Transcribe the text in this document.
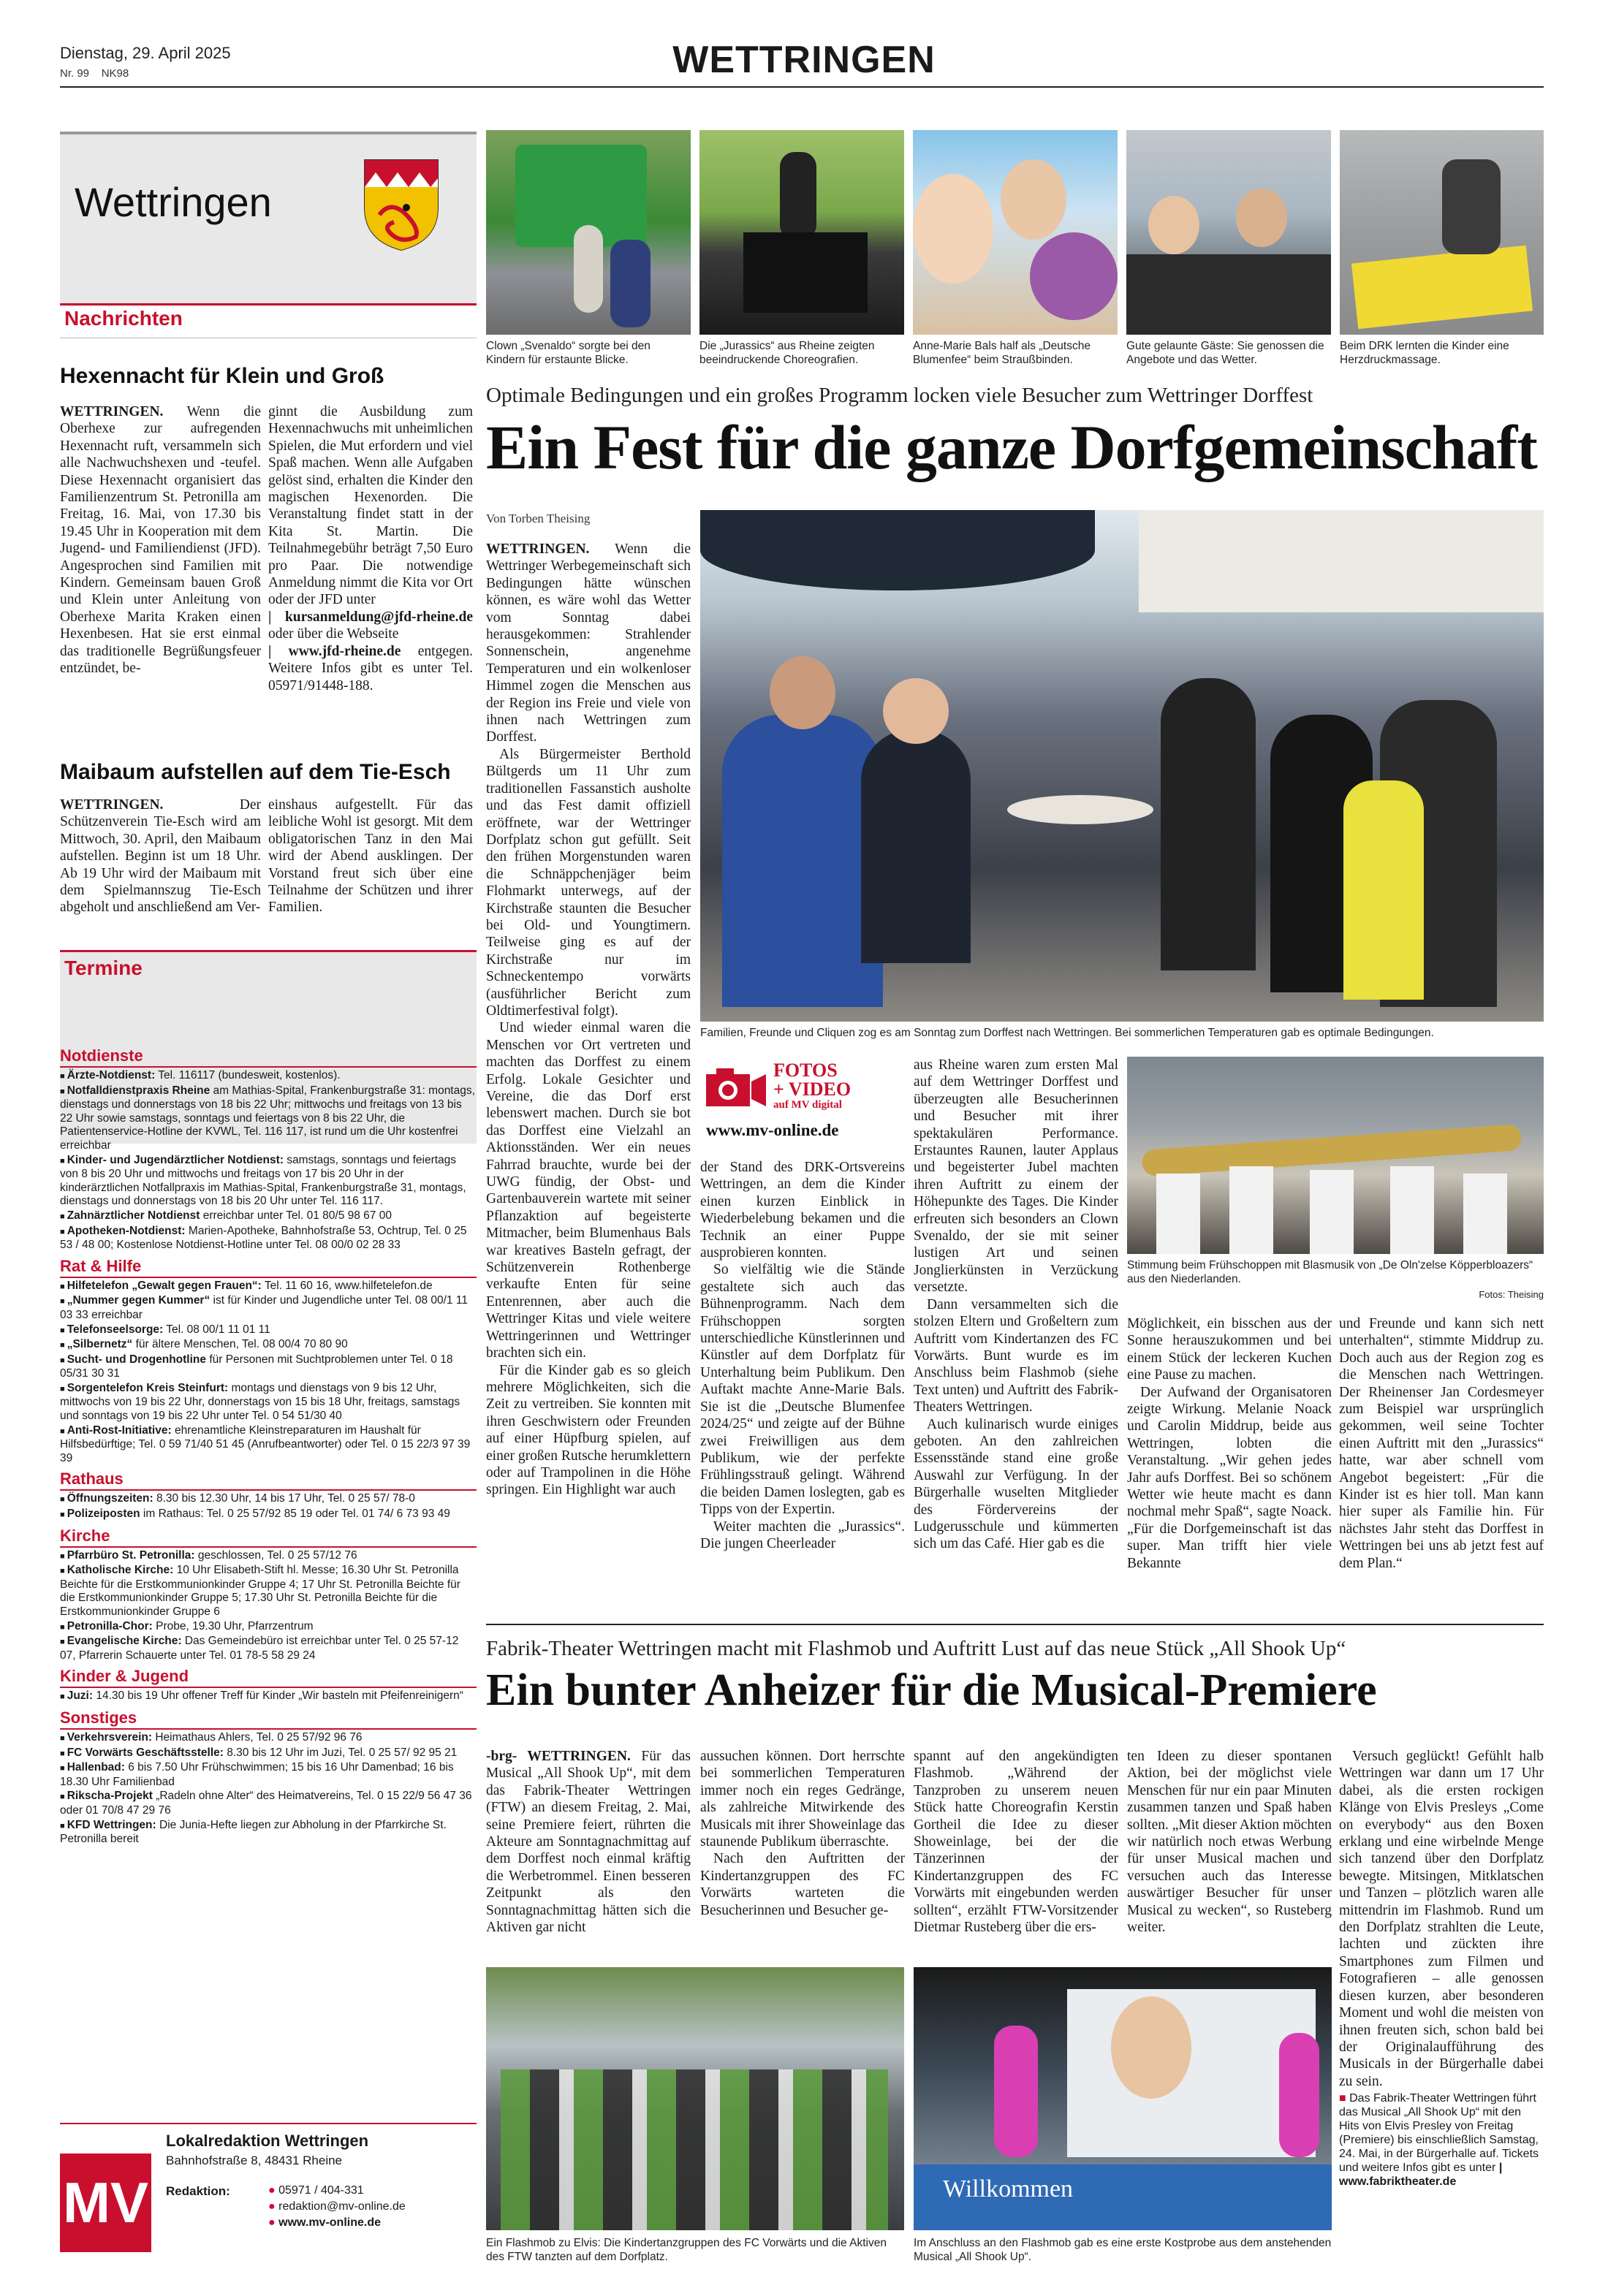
Dienstag, 29. April 2025
Nr. 99 NK98	WETTRINGEN
Wettringen
Nachrichten
Hexennacht für Klein und Groß

WETTRINGEN. Wenn die Oberhexe zur aufregenden Hexennacht ruft, versammeln sich alle Nachwuchshexen und -teufel. Diese Hexennacht organisiert das Familienzentrum St. Petronilla am Freitag, 16. Mai, von 17.30 bis 19.45 Uhr in Kooperation mit dem Jugend- und Familiendienst (JFD). Angesprochen sind Familien mit Kindern. Gemeinsam bauen Groß und Klein unter Anleitung von Oberhexe Marita Kraken einen Hexenbesen. Hat sie erst einmal das traditionelle Begrüßungsfeuer entzündet, be-

ginnt die Ausbildung zum Hexennachwuchs mit unheimlichen Spielen, die Mut erfordern und viel Spaß machen. Wenn alle Aufgaben gelöst sind, erhalten die Kinder den magischen Hexenorden. Die Veranstaltung findet statt in der Kita St. Martin. Die Teilnahmegebühr beträgt 7,50 Euro pro Paar. Die notwendige Anmeldung nimmt die Kita vor Ort oder der JFD unter

| kursanmeldung@jfd-rheine.de oder über die Webseite

| www.jfd-rheine.de entgegen. Weitere Infos gibt es unter Tel. 05971/91448-188.

Maibaum aufstellen auf dem Tie-Esch

WETTRINGEN.	Der Schützenverein Tie-Esch wird am Mittwoch, 30. April, den Maibaum aufstellen. Beginn ist um 18 Uhr. Ab 19 Uhr wird der Maibaum mit dem Spielmannszug Tie-Esch abgeholt und anschließend am Ver-

einshaus aufgestellt. Für das leibliche Wohl ist gesorgt. Mit dem obligatorischen Tanz in den Mai wird der Abend ausklingen. Der Vorstand freut sich über eine Teilnahme der Schützen und ihrer Familien.

Termine
Notdienste
■ Ärzte-Notdienst: Tel. 116117 (bundesweit, kostenlos).
■ Notfalldienstpraxis Rheine am Mathias-Spital, Frankenburgstraße 31: montags, dienstags und donnerstags von 18 bis 22 Uhr; mittwochs und freitags von 13 bis 22 Uhr sowie samstags, sonntags und feiertags von 8 bis 22 Uhr, die Patientenservice-Hotline der KVWL, Tel. 116 117, ist rund um die Uhr kostenfrei erreichbar
■ Kinder- und Jugendärztlicher Notdienst: samstags, sonntags und feiertags von 8 bis 20 Uhr und mittwochs und freitags von 17 bis 20 Uhr in der kinderärztlichen Notfallpraxis im Mathias-Spital, Frankenburgstraße 31, montags, dienstags und donnerstags von 18 bis 20 Uhr unter Tel. 116 117.
■ Zahnärztlicher Notdienst erreichbar unter Tel. 01 80/5 98 67 00
■ Apotheken-Notdienst: Marien-Apotheke, Bahnhofstraße 53, Ochtrup, Tel. 0 25 53 / 48 00; Kostenlose Notdienst-Hotline unter Tel. 08 00/0 02 28 33
Rat & Hilfe
■ Hilfetelefon „Gewalt gegen Frauen“: Tel. 11 60 16, www.hilfetelefon.de
■ „Nummer gegen Kummer“ ist für Kinder und Jugendliche unter Tel. 08 00/1 11 03 33 erreichbar
■ Telefonseelsorge: Tel. 08 00/1 11 01 11
■ „Silbernetz“ für ältere Menschen, Tel. 08 00/4 70 80 90
■ Sucht- und Drogenhotline für Personen mit Suchtproblemen unter Tel. 0 18 05/31 30 31
■ Sorgentelefon Kreis Steinfurt: montags und dienstags von 9 bis 12 Uhr, mittwochs von 19 bis 22 Uhr, donnerstags von 15 bis 18 Uhr, freitags, samstags und sonntags von 19 bis 22 Uhr unter Tel. 0 54 51/30 40
■ Anti-Rost-Initiative: ehrenamtliche Kleinstreparaturen im Haushalt für Hilfsbedürftige; Tel. 0 59 71/40 51 45 (Anrufbeantworter) oder Tel. 0 15 22/3 97 39 39
Rathaus
■ Öffnungszeiten: 8.30 bis 12.30 Uhr, 14 bis 17 Uhr, Tel. 0 25 57/ 78-0
■ Polizeiposten im Rathaus: Tel. 0 25 57/92 85 19 oder Tel. 01 74/ 6 73 93 49
Kirche
■ Pfarrbüro St. Petronilla: geschlossen, Tel. 0 25 57/12 76
■ Katholische Kirche: 10 Uhr Elisabeth-Stift hl. Messe; 16.30 Uhr St. Petronilla Beichte für die Erstkommunionkinder Gruppe 4; 17 Uhr St. Petronilla Beichte für die Erstkommunionkinder Gruppe 5; 17.30 Uhr St. Petronilla Beichte für die Erstkommunionkinder Gruppe 6
■ Petronilla-Chor: Probe, 19.30 Uhr, Pfarrzentrum
■ Evangelische Kirche: Das Gemeindebüro ist erreichbar unter Tel. 0 25 57-12 07, Pfarrerin Schauerte unter Tel. 01 78-5 58 29 24
Kinder & Jugend
■ Juzi: 14.30 bis 19 Uhr offener Treff für Kinder „Wir basteln mit Pfeifenreinigern“
Sonstiges
■ Verkehrsverein: Heimathaus Ahlers, Tel. 0 25 57/92 96 76
■ FC Vorwärts Geschäftsstelle: 8.30 bis 12 Uhr im Juzi, Tel. 0 25 57/ 92 95 21
■ Hallenbad: 6 bis 7.50 Uhr Frühschwimmen; 15 bis 16 Uhr Damenbad; 16 bis 18.30 Uhr Familienbad
■ Rikscha-Projekt „Radeln ohne Alter“ des Heimatvereins, Tel. 0 15 22/9 56 47 36 oder 01 70/8 47 29 76
■ KFD Wettringen: Die Junia-Hefte liegen zur Abholung in der Pfarrkirche St. Petronilla bereit
MV
Lokalredaktion Wettringen
Bahnhofstraße 8, 48431 Rheine
Redaktion:	● 05971 / 404-331
● redaktion@mv-online.de
● www.mv-online.de
Clown „Svenaldo“ sorgte bei den Kindern für erstaunte Blicke.
Die „Jurassics“ aus Rheine zeigten beeindruckende Choreografien.
Anne-Marie Bals half als „Deutsche Blumenfee“ beim Straußbinden.
Gute gelaunte Gäste: Sie genossen die Angebote und das Wetter.
Beim DRK lernten die Kinder eine Herzdruckmassage.
Optimale Bedingungen und ein großes Programm locken viele Besucher zum Wettringer Dorffest
Ein Fest für die ganze Dorfgemeinschaft
Von Torben Theising

WETTRINGEN. Wenn die Wettringer Werbegemeinschaft sich Bedingungen hätte wünschen können, es wäre wohl das Wetter vom Sonntag dabei herausgekommen: Strahlender Sonnenschein, angenehme Temperaturen und ein wolkenloser Himmel zogen die Menschen aus der Region ins Freie und viele von ihnen nach Wettringen zum Dorffest.

Als Bürgermeister Berthold Bültgerds um 11 Uhr zum traditionellen Fassanstich ausholte und das Fest damit offiziell eröffnete, war der Wettringer Dorfplatz schon gut gefüllt. Seit den frühen Morgenstunden waren die Schnäppchenjäger beim Flohmarkt unterwegs, auf der Kirchstraße staunten die Besucher bei Old- und Youngtimern. Teilweise ging es auf der Kirchstraße nur im Schneckentempo vorwärts (ausführlicher Bericht zum Oldtimerfestival folgt).

Und wieder einmal waren die Menschen vor Ort vertreten und machten das Dorffest zu einem Erfolg. Lokale Gesichter und Vereine, die das Dorf erst lebenswert machen. Durch sie bot das Dorffest eine Vielzahl an Aktionsständen. Wer ein neues Fahrrad brauchte, wurde bei der UWG fündig, der Obst- und Gartenbauverein wartete mit seiner Pflanzaktion auf begeisterte Mitmacher, beim Blumenhaus Bals war kreatives Basteln gefragt, der Schützenverein Rothenberge verkaufte Enten für seine Entenrennen, aber auch die Wettringer Kitas und viele weitere Wettringerinnen und Wettringer brachten sich ein.

Für die Kinder gab es so gleich mehrere Möglichkeiten, sich die Zeit zu vertreiben. Sie konnten mit ihren Geschwistern oder Freunden auf einer Hüpfburg spielen, auf einer großen Rutsche herumklettern oder auf Trampolinen in die Höhe springen. Ein Highlight war auch

Familien, Freunde und Cliquen zog es am Sonntag zum Dorffest nach Wettringen. Bei sommerlichen Temperaturen gab es optimale Bedingungen.
FOTOS
+ VIDEO
auf MV digital
www.mv-online.de

der Stand des DRK-Ortsvereins Wettringen, an dem die Kinder einen kurzen Einblick in Wiederbelebung bekamen und die Technik an einer Puppe ausprobieren konnten.

So vielfältig wie die Stände gestaltete sich auch das Bühnenprogramm. Nach dem Frühschoppen sorgten unterschiedliche Künstlerinnen und Künstler auf dem Dorfplatz für Unterhaltung beim Publikum. Den Auftakt machte Anne-Marie Bals. Sie ist die „Deutsche Blumenfee 2024/25“ und zeigte auf der Bühne zwei Freiwilligen aus dem Publikum, wie der perfekte Frühlingsstrauß gelingt. Während die beiden Damen loslegten, gab es Tipps von der Expertin.

Weiter machten die „Jurassics“. Die jungen Cheerleader

aus Rheine waren zum ersten Mal auf dem Wettringer Dorffest und überzeugten alle Besucherinnen und Besucher mit ihrer spektakulären Performance. Erstauntes Raunen, lauter Applaus und begeisterter Jubel machten ihren Auftritt zu einem der Höhepunkte des Tages. Die Kinder erfreuten sich besonders an Clown Svenaldo, der sie mit seiner lustigen Art und seinen Jonglierkünsten in Verzückung versetzte.

Dann versammelten sich die stolzen Eltern und Großeltern zum Auftritt vom Kindertanzen des FC Vorwärts. Bunt wurde es im Anschluss beim Flashmob (siehe Text unten) und Auftritt des Fabrik-Theaters Wettringen.

Auch kulinarisch wurde einiges geboten. An den zahlreichen Essensstände stand eine große Auswahl zur Verfügung. In der Bürgerhalle wuselten Mitglieder des Fördervereins der Ludgerusschule und kümmerten sich um das Café. Hier gab es die

Stimmung beim Frühschoppen mit Blasmusik von „De Oln'zelse Köpperbloazers“ aus den Niederlanden.
Fotos: Theising

Möglichkeit, ein bisschen aus der Sonne herauszukommen und bei einem Stück der leckeren Kuchen eine Pause zu machen.

Der Aufwand der Organisatoren zeigte Wirkung. Melanie Noack und Carolin Middrup, beide aus Wettringen, lobten die Veranstaltung. „Wir gehen jedes Jahr aufs Dorffest. Bei so schönem Wetter wie heute macht es dann nochmal mehr Spaß“, sagte Noack. „Für die Dorfgemeinschaft ist das super. Man trifft hier viele Bekannte

und Freunde und kann sich nett unterhalten“, stimmte Middrup zu. Doch auch aus der Region zog es die Menschen nach Wettringen. Der Rheinenser Jan Cordesmeyer zum Beispiel war ursprünglich gekommen, weil seine Tochter einen Auftritt mit den „Jurassics“ hatte, war aber schnell vom Angebot begeistert: „Für die Kinder ist es hier toll. Man kann hier super als Familie hin. Für nächstes Jahr steht das Dorffest in Wettringen bei uns ab jetzt fest auf dem Plan.“

Fabrik-Theater Wettringen macht mit Flashmob und Auftritt Lust auf das neue Stück „All Shook Up“
Ein bunter Anheizer für die Musical-Premiere

-brg- WETTRINGEN. Für das Musical „All Shook Up“, mit dem das Fabrik-Theater Wettringen (FTW) an diesem Freitag, 2. Mai, seine Premiere feiert, rührten die Akteure am Sonntagnachmittag auf dem Dorffest noch einmal kräftig die Werbetrommel. Einen besseren Zeitpunkt als den Sonntagnachmittag hätten sich die Aktiven gar nicht

aussuchen können. Dort herrschte bei sommerlichen Temperaturen immer noch ein reges Gedränge, als zahlreiche Mitwirkende des Musicals mit ihrer Showeinlage das staunende Publikum überraschte.

Nach den Auftritten der Kindertanzgruppen des FC Vorwärts warteten die Besucherinnen und Besucher ge-

spannt auf den angekündigten Flashmob. „Während der Tanzproben zu unserem neuen Stück hatte Choreografin Kerstin Gortheil die Idee zu dieser Showeinlage, bei der die Tänzerinnen der Kindertanzgruppen des FC Vorwärts mit eingebunden werden sollten“, erzählt FTW-Vorsitzender Dietmar Rusteberg über die ers-

ten Ideen zu dieser spontanen Aktion, bei der möglichst viele Menschen für nur ein paar Minuten zusammen tanzen und Spaß haben sollten. „Mit dieser Aktion möchten wir natürlich noch etwas Werbung für unser Musical machen und versuchen auch das Interesse auswärtiger Besucher für unser Musical zu wecken“, so Rusteberg weiter.

Versuch geglückt! Gefühlt halb Wettringen war dann um 17 Uhr dabei, als die ersten rockigen Klänge von Elvis Presleys „Come on everybody“ aus den Boxen erklang und eine wirbelnde Menge sich tanzend über den Dorfplatz bewegte. Mitsingen, Mitklatschen und Tanzen – plötzlich waren alle mittendrin im Flashmob. Rund um den Dorfplatz strahlten die Leute, lachten und zückten ihre Smartphones zum Filmen und Fotografieren – alle genossen diesen kurzen, aber besonderen Moment und wohl die meisten von ihnen freuten sich, schon bald bei der Originalaufführung des Musicals in der Bürgerhalle dabei zu sein.

■ Das Fabrik-Theater Wettringen führt das Musical „All Shook Up“ mit den Hits von Elvis Presley von Freitag (Premiere) bis einschließlich Samstag, 24. Mai, in der Bürgerhalle auf. Tickets und weitere Infos gibt es unter | www.fabriktheater.de

Ein Flashmob zu Elvis: Die Kindertanzgruppen des FC Vorwärts und die Aktiven des FTW tanzten auf dem Dorfplatz.
Willkommen
Im Anschluss an den Flashmob gab es eine erste Kostprobe aus dem anstehenden Musical „All Shook Up“.
